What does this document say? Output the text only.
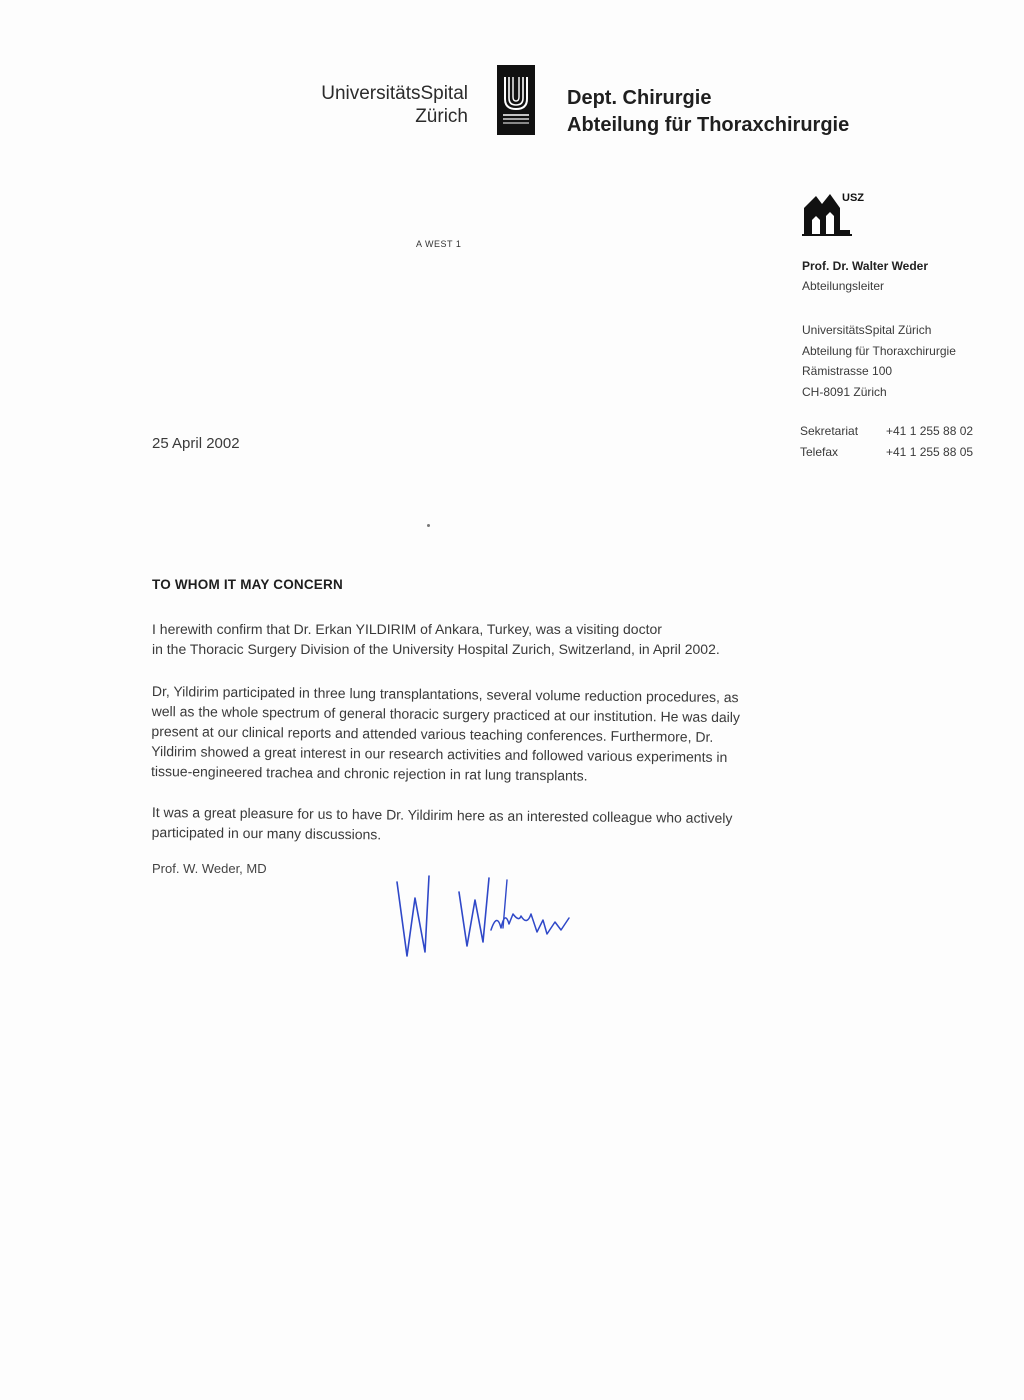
UniversitätsSpital
Zürich
Dept. Chirurgie
Abteilung für Thoraxchirurgie
USZ
A WEST 1
Prof. Dr. Walter Weder
Abteilungsleiter
UniversitätsSpital Zürich
Abteilung für Thoraxchirurgie
Rämistrasse 100
CH-8091 Zürich
Sekretariat	+41 1 255 88 02
Telefax	+41 1 255 88 05
25 April 2002
TO WHOM IT MAY CONCERN
I herewith confirm that Dr. Erkan YILDIRIM of Ankara, Turkey, was a visiting doctor
in the Thoracic Surgery Division of the University Hospital Zurich, Switzerland, in April 2002.
Dr, Yildirim participated in three lung transplantations, several volume reduction procedures, as
well as the whole spectrum of general thoracic surgery practiced at our institution. He was daily
present at our clinical reports and attended various teaching conferences. Furthermore, Dr.
Yildirim showed a great interest in our research activities and followed various experiments in
tissue-engineered trachea and chronic rejection in rat lung transplants.
It was a great pleasure for us to have Dr. Yildirim here as an interested colleague who actively
participated in our many discussions.
Prof. W. Weder, MD
